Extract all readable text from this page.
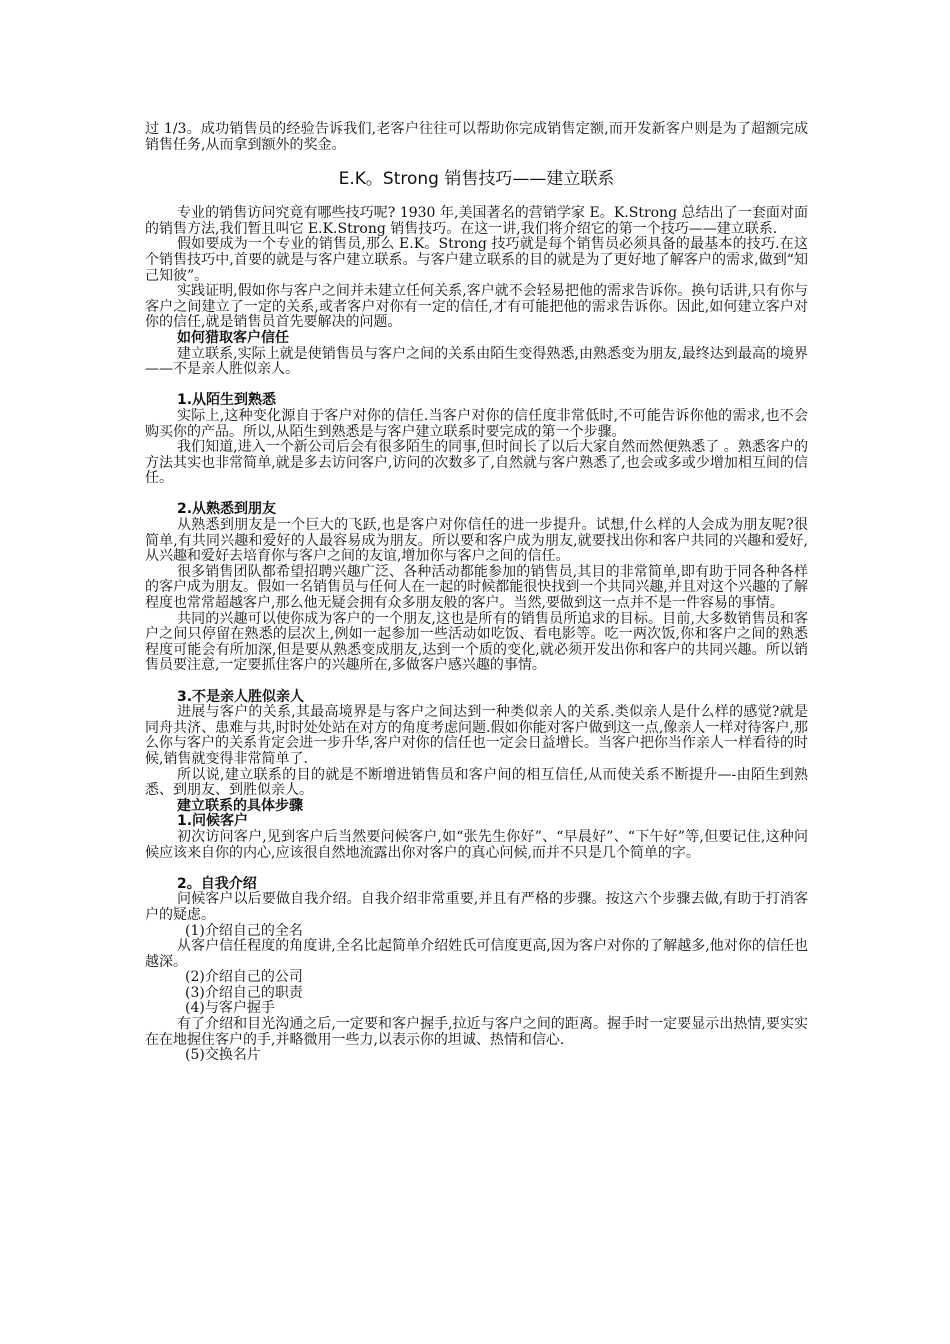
过 1/3。成功销售员的经验告诉我们,老客户往往可以帮助你完成销售定额,而开发新客户则是为了超额完成销售任务,从而拿到额外的奖金。

E.K。Strong 销售技巧——建立联系

专业的销售访问究竟有哪些技巧呢? 1930 年,美国著名的营销学家 E。K.Strong 总结出了一套面对面的销售方法,我们暂且叫它 E.K.Strong 销售技巧。在这一讲,我们将介绍它的第一个技巧——建立联系.

假如要成为一个专业的销售员,那么 E.K。Strong 技巧就是每个销售员必须具备的最基本的技巧.在这个销售技巧中,首要的就是与客户建立联系。与客户建立联系的目的就是为了更好地了解客户的需求,做到“知己知彼”。

实践证明,假如你与客户之间并未建立任何关系,客户就不会轻易把他的需求告诉你。换句话讲,只有你与客户之间建立了一定的关系,或者客户对你有一定的信任,才有可能把他的需求告诉你。因此,如何建立客户对你的信任,就是销售员首先要解决的问题。

如何猎取客户信任

建立联系,实际上就是使销售员与客户之间的关系由陌生变得熟悉,由熟悉变为朋友,最终达到最高的境界——不是亲人胜似亲人。

1.从陌生到熟悉

实际上,这种变化源自于客户对你的信任.当客户对你的信任度非常低时,不可能告诉你他的需求,也不会购买你的产品。所以,从陌生到熟悉是与客户建立联系时要完成的第一个步骤。

我们知道,进入一个新公司后会有很多陌生的同事,但时间长了以后大家自然而然便熟悉了 。熟悉客户的方法其实也非常简单,就是多去访问客户,访问的次数多了,自然就与客户熟悉了,也会或多或少增加相互间的信任。

2.从熟悉到朋友

从熟悉到朋友是一个巨大的飞跃,也是客户对你信任的进一步提升。试想,什么样的人会成为朋友呢?很简单,有共同兴趣和爱好的人最容易成为朋友。所以要和客户成为朋友,就要找出你和客户共同的兴趣和爱好,从兴趣和爱好去培育你与客户之间的友谊,增加你与客户之间的信任。

很多销售团队都希望招聘兴趣广泛、各种活动都能参加的销售员,其目的非常简单,即有助于同各种各样的客户成为朋友。假如一名销售员与任何人在一起的时候都能很快找到一个共同兴趣,并且对这个兴趣的了解程度也常常超越客户,那么他无疑会拥有众多朋友般的客户。当然,要做到这一点并不是一件容易的事情。

共同的兴趣可以使你成为客户的一个朋友,这也是所有的销售员所追求的目标。目前,大多数销售员和客户之间只停留在熟悉的层次上,例如一起参加一些活动如吃饭、看电影等。吃一两次饭,你和客户之间的熟悉程度可能会有所加深,但是要从熟悉变成朋友,达到一个质的变化,就必须开发出你和客户的共同兴趣。所以销售员要注意,一定要抓住客户的兴趣所在,多做客户感兴趣的事情。

3.不是亲人胜似亲人

进展与客户的关系,其最高境界是与客户之间达到一种类似亲人的关系.类似亲人是什么样的感觉?就是同舟共济、患难与共,时时处处站在对方的角度考虑问题.假如你能对客户做到这一点,像亲人一样对待客户,那么你与客户的关系肯定会进一步升华,客户对你的信任也一定会日益增长。当客户把你当作亲人一样看待的时候,销售就变得非常简单了.

所以说,建立联系的目的就是不断增进销售员和客户间的相互信任,从而使关系不断提升—-由陌生到熟悉、到朋友、到胜似亲人。

建立联系的具体步骤
1.问候客户

初次访问客户,见到客户后当然要问候客户,如“张先生你好”、“早晨好”、“下午好”等,但要记住,这种问候应该来自你的内心,应该很自然地流露出你对客户的真心问候,而并不只是几个简单的字。

2。自我介绍

问候客户以后要做自我介绍。自我介绍非常重要,并且有严格的步骤。按这六个步骤去做,有助于打消客户的疑虑。

(1)介绍自己的全名

从客户信任程度的角度讲,全名比起简单介绍姓氏可信度更高,因为客户对你的了解越多,他对你的信任也越深。

(2)介绍自己的公司

(3)介绍自己的职责

(4)与客户握手

有了介绍和目光沟通之后,一定要和客户握手,拉近与客户之间的距离。握手时一定要显示出热情,要实实在在地握住客户的手,并略微用一些力,以表示你的坦诚、热情和信心.

(5)交换名片
